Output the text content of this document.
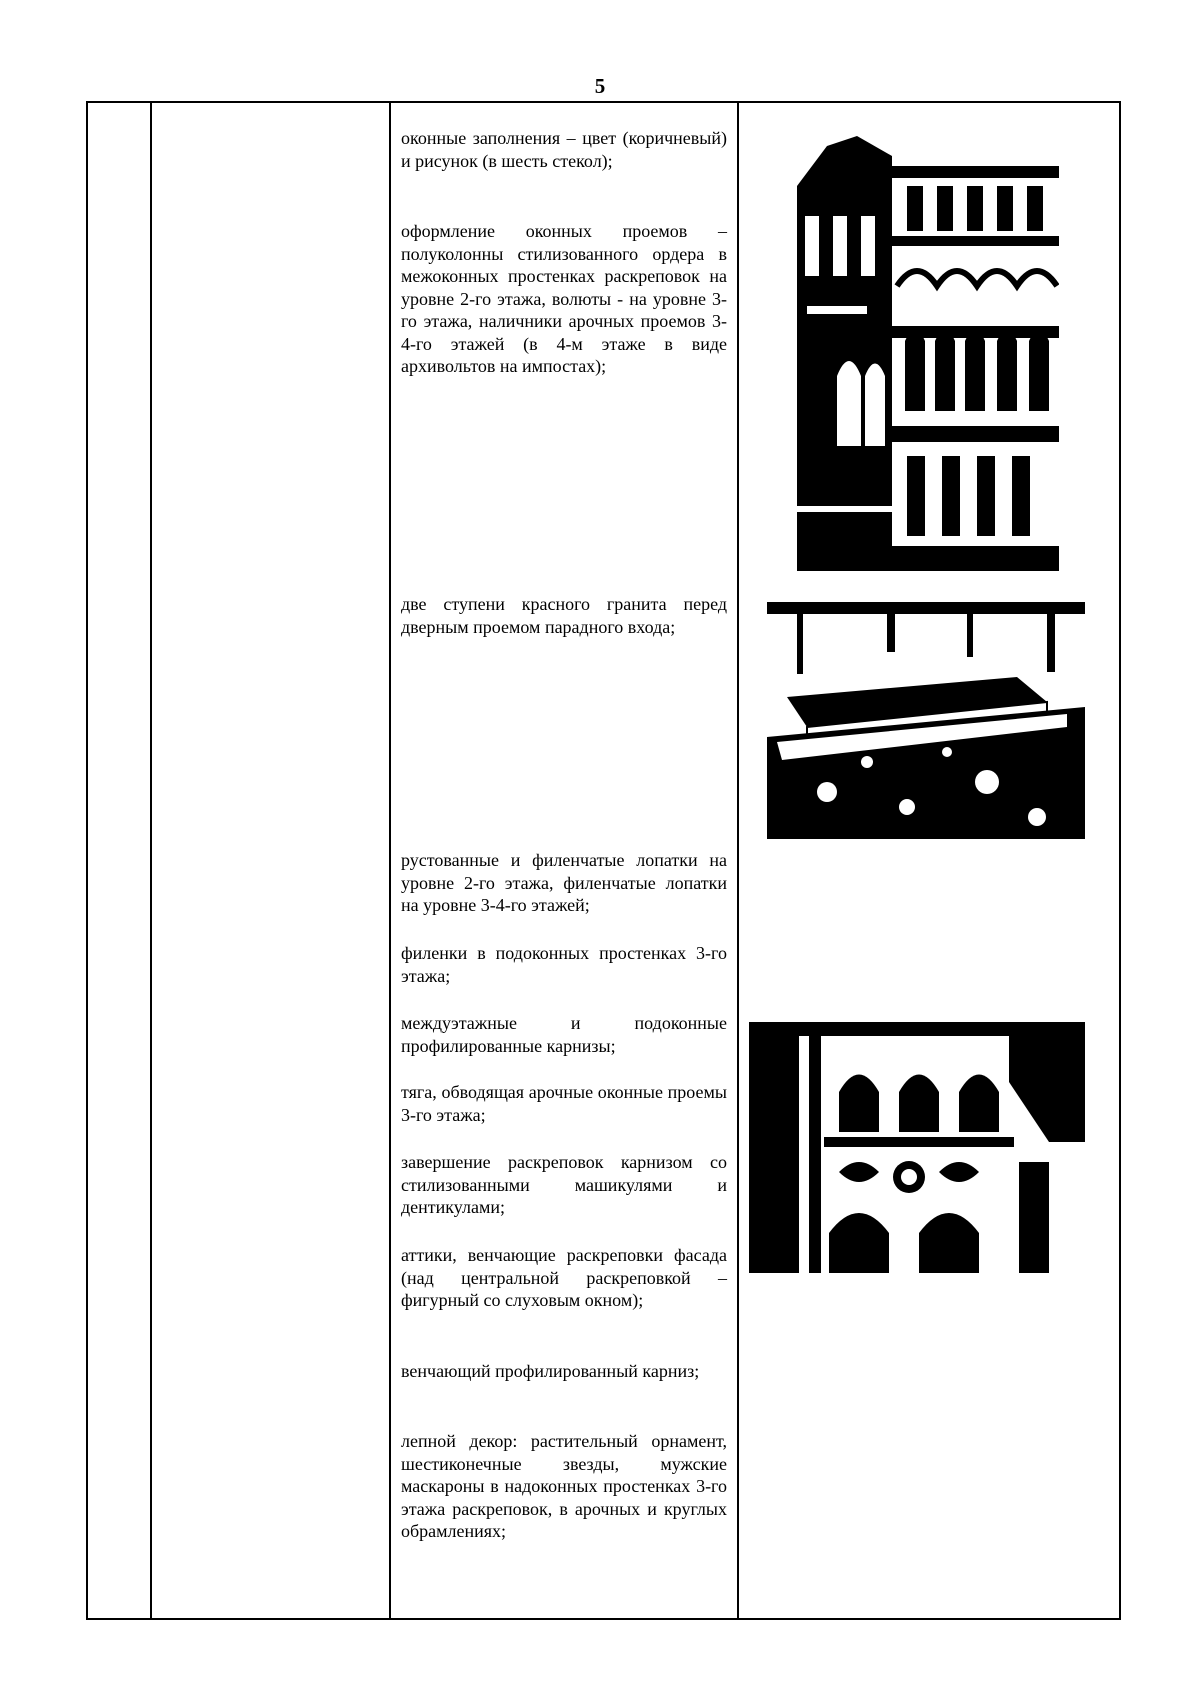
5

оконные заполнения – цвет (коричневый) и рисунок (в шесть стекол);

оформление оконных проемов – полуколонны стилизованного ордера в межоконных простенках раскреповок на уровне 2-го этажа, волюты - на уровне 3-го этажа, наличники арочных проемов 3-4-го этажей (в 4-м этаже в виде архивольтов на импостах);

две ступени красного гранита перед дверным проемом парадного входа;

рустованные и филенчатые лопатки на уровне 2-го этажа, филенчатые лопатки на уровне 3-4-го этажей;

филенки в подоконных простенках 3-го этажа;

междуэтажные и подоконные профилированные карнизы;

тяга, обводящая арочные оконные проемы 3-го этажа;

завершение раскреповок карнизом со стилизованными машикулями и дентикулами;

аттики, венчающие раскреповки фасада (над центральной раскреповкой – фигурный со слуховым окном);

венчающий профилированный карниз;

лепной декор: растительный орнамент, шестиконечные звезды, мужские маскароны в надоконных простенках 3-го этажа раскреповок, в арочных и круглых обрамлениях;
